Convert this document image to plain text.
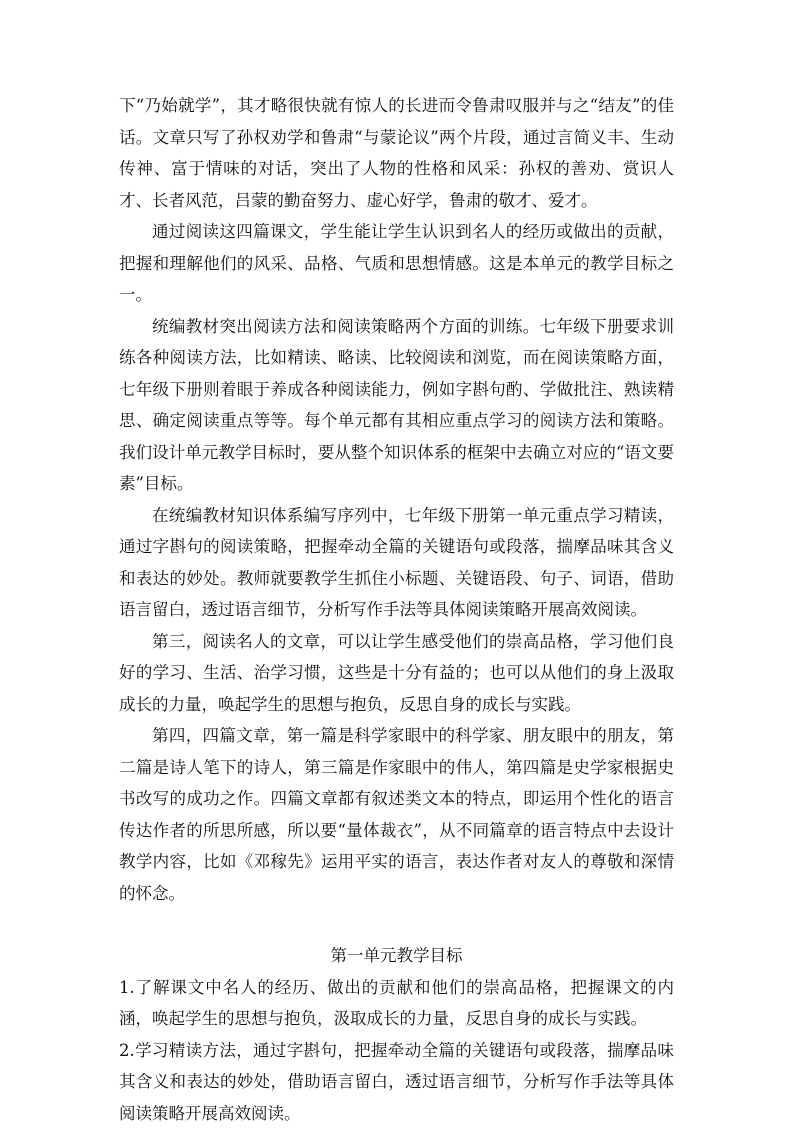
下“乃始就学”，其才略很快就有惊人的长进而令鲁肃叹服并与之“结友”的佳话。文章只写了孙权劝学和鲁肃“与蒙论议”两个片段，通过言简义丰、生动传神、富于情味的对话，突出了人物的性格和风采：孙权的善劝、赏识人才、长者风范，吕蒙的勤奋努力、虚心好学，鲁肃的敬才、爱才。

通过阅读这四篇课文，学生能让学生认识到名人的经历或做出的贡献，把握和理解他们的风采、品格、气质和思想情感。这是本单元的教学目标之一。

统编教材突出阅读方法和阅读策略两个方面的训练。七年级下册要求训练各种阅读方法，比如精读、略读、比较阅读和浏览，而在阅读策略方面，七年级下册则着眼于养成各种阅读能力，例如字斟句酌、学做批注、熟读精思、确定阅读重点等等。每个单元都有其相应重点学习的阅读方法和策略。我们设计单元教学目标时，要从整个知识体系的框架中去确立对应的“语文要素”目标。

在统编教材知识体系编写序列中，七年级下册第一单元重点学习精读，通过字斟句的阅读策略，把握牵动全篇的关键语句或段落，揣摩品味其含义和表达的妙处。教师就要教学生抓住小标题、关键语段、句子、词语，借助语言留白，透过语言细节，分析写作手法等具体阅读策略开展高效阅读。

第三，阅读名人的文章，可以让学生感受他们的崇高品格，学习他们良好的学习、生活、治学习惯，这些是十分有益的；也可以从他们的身上汲取成长的力量，唤起学生的思想与抱负，反思自身的成长与实践。

第四，四篇文章，第一篇是科学家眼中的科学家、朋友眼中的朋友，第二篇是诗人笔下的诗人，第三篇是作家眼中的伟人，第四篇是史学家根据史书改写的成功之作。四篇文章都有叙述类文本的特点，即运用个性化的语言传达作者的所思所感，所以要“量体裁衣”，从不同篇章的语言特点中去设计教学内容，比如《邓稼先》运用平实的语言，表达作者对友人的尊敬和深情的怀念。

第一单元教学目标

1.了解课文中名人的经历、做出的贡献和他们的崇高品格，把握课文的内涵，唤起学生的思想与抱负，汲取成长的力量，反思自身的成长与实践。

2.学习精读方法，通过字斟句，把握牵动全篇的关键语句或段落，揣摩品味其含义和表达的妙处，借助语言留白，透过语言细节，分析写作手法等具体阅读策略开展高效阅读。
